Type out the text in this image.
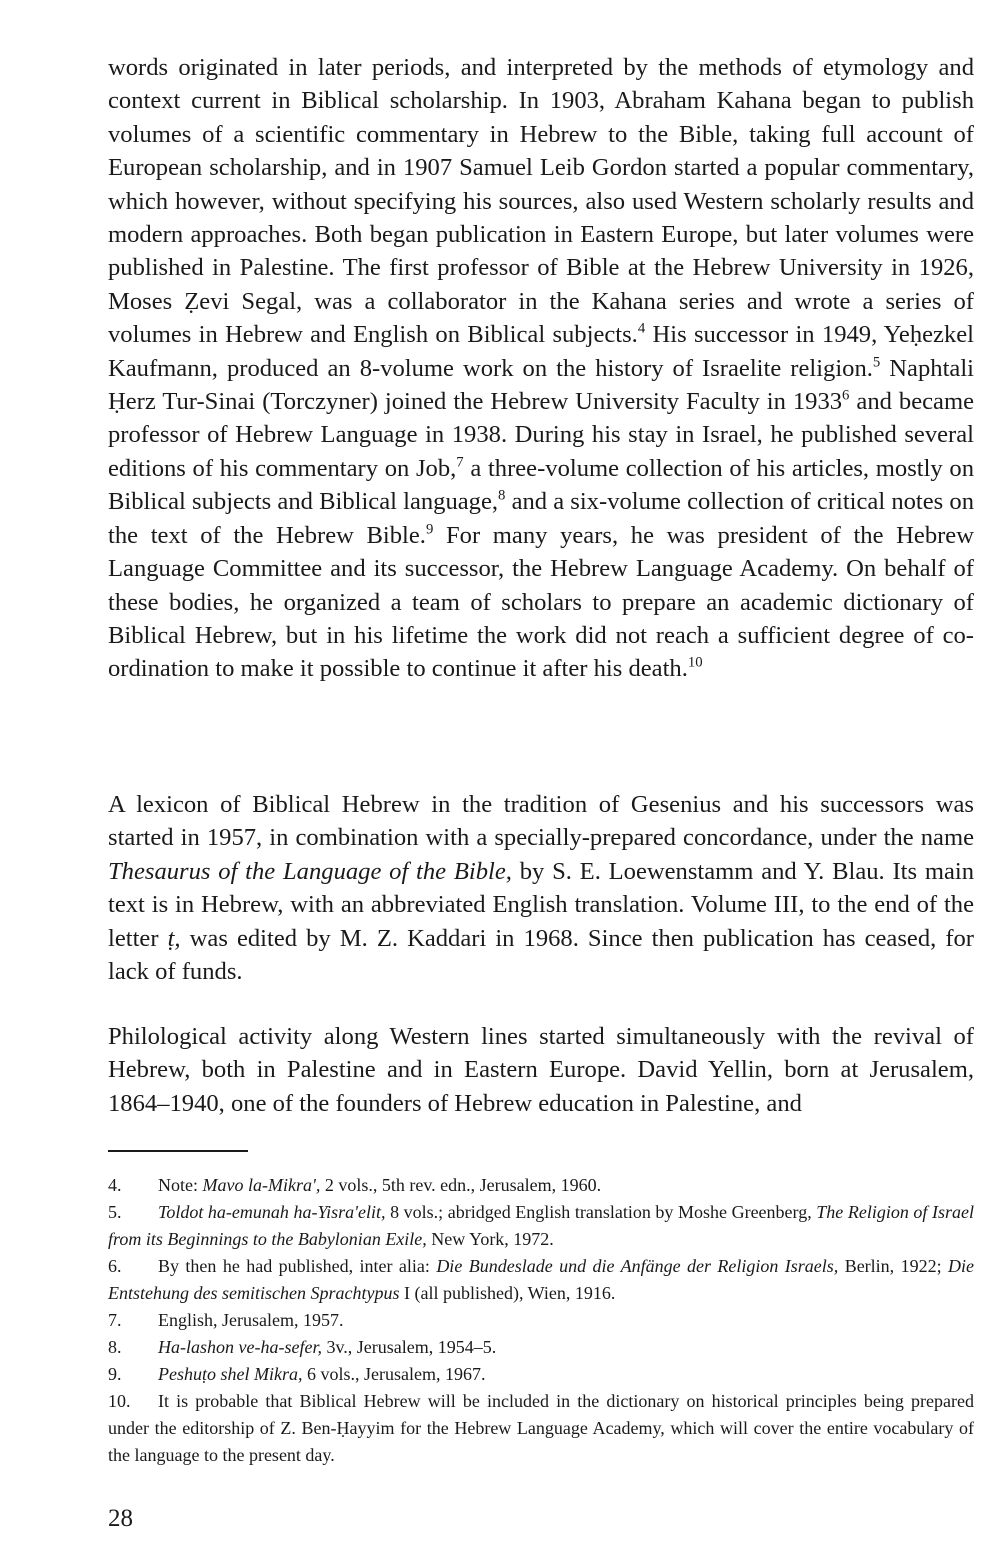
words originated in later periods, and interpreted by the methods of etymology and context current in Biblical scholarship. In 1903, Abraham Kahana began to publish volumes of a scientific commentary in Hebrew to the Bible, taking full account of European scholarship, and in 1907 Samuel Leib Gordon started a popular commentary, which however, without specifying his sources, also used Western scholarly results and modern approaches. Both began publication in Eastern Europe, but later volumes were published in Palestine. The first professor of Bible at the Hebrew University in 1926, Moses Ẓevi Segal, was a collaborator in the Kahana series and wrote a series of volumes in Hebrew and English on Biblical subjects.$^4$ His successor in 1949, Yeḥezkel Kaufmann, produced an 8-volume work on the history of Israelite religion.$^5$ Naphtali Ḥerz Tur-Sinai (Torczyner) joined the Hebrew University Faculty in 1933$^6$ and became professor of Hebrew Language in 1938. During his stay in Israel, he published several editions of his commentary on Job,$^7$ a three-volume collection of his articles, mostly on Biblical subjects and Biblical language,$^8$ and a six-volume collection of critical notes on the text of the Hebrew Bible.$^9$ For many years, he was president of the Hebrew Language Committee and its successor, the Hebrew Language Academy. On behalf of these bodies, he organized a team of scholars to prepare an academic dictionary of Biblical Hebrew, but in his lifetime the work did not reach a sufficient degree of co-ordination to make it possible to continue it after his death.$^{10}$

A lexicon of Biblical Hebrew in the tradition of Gesenius and his successors was started in 1957, in combination with a specially-prepared concordance, under the name Thesaurus of the Language of the Bible, by S. E. Loewenstamm and Y. Blau. Its main text is in Hebrew, with an abbreviated English translation. Volume III, to the end of the letter ṭ, was edited by M. Z. Kaddari in 1968. Since then publication has ceased, for lack of funds.

Philological activity along Western lines started simultaneously with the revival of Hebrew, both in Palestine and in Eastern Europe. David Yellin, born at Jerusalem, 1864–1940, one of the founders of Hebrew education in Palestine, and

4. Note: Mavo la-Mikra', 2 vols., 5th rev. edn., Jerusalem, 1960.

5. Toldot ha-emunah ha-Yisra'elit, 8 vols.; abridged English translation by Moshe Greenberg, The Religion of Israel from its Beginnings to the Babylonian Exile, New York, 1972.

6. By then he had published, inter alia: Die Bundeslade und die Anfänge der Religion Israels, Berlin, 1922; Die Entstehung des semitischen Sprachtypus I (all published), Wien, 1916.

7. English, Jerusalem, 1957.

8. Ha-lashon ve-ha-sefer, 3v., Jerusalem, 1954–5.

9. Peshuṭo shel Mikra, 6 vols., Jerusalem, 1967.

10. It is probable that Biblical Hebrew will be included in the dictionary on historical principles being prepared under the editorship of Z. Ben-Ḥayyim for the Hebrew Language Academy, which will cover the entire vocabulary of the language to the present day.

28
